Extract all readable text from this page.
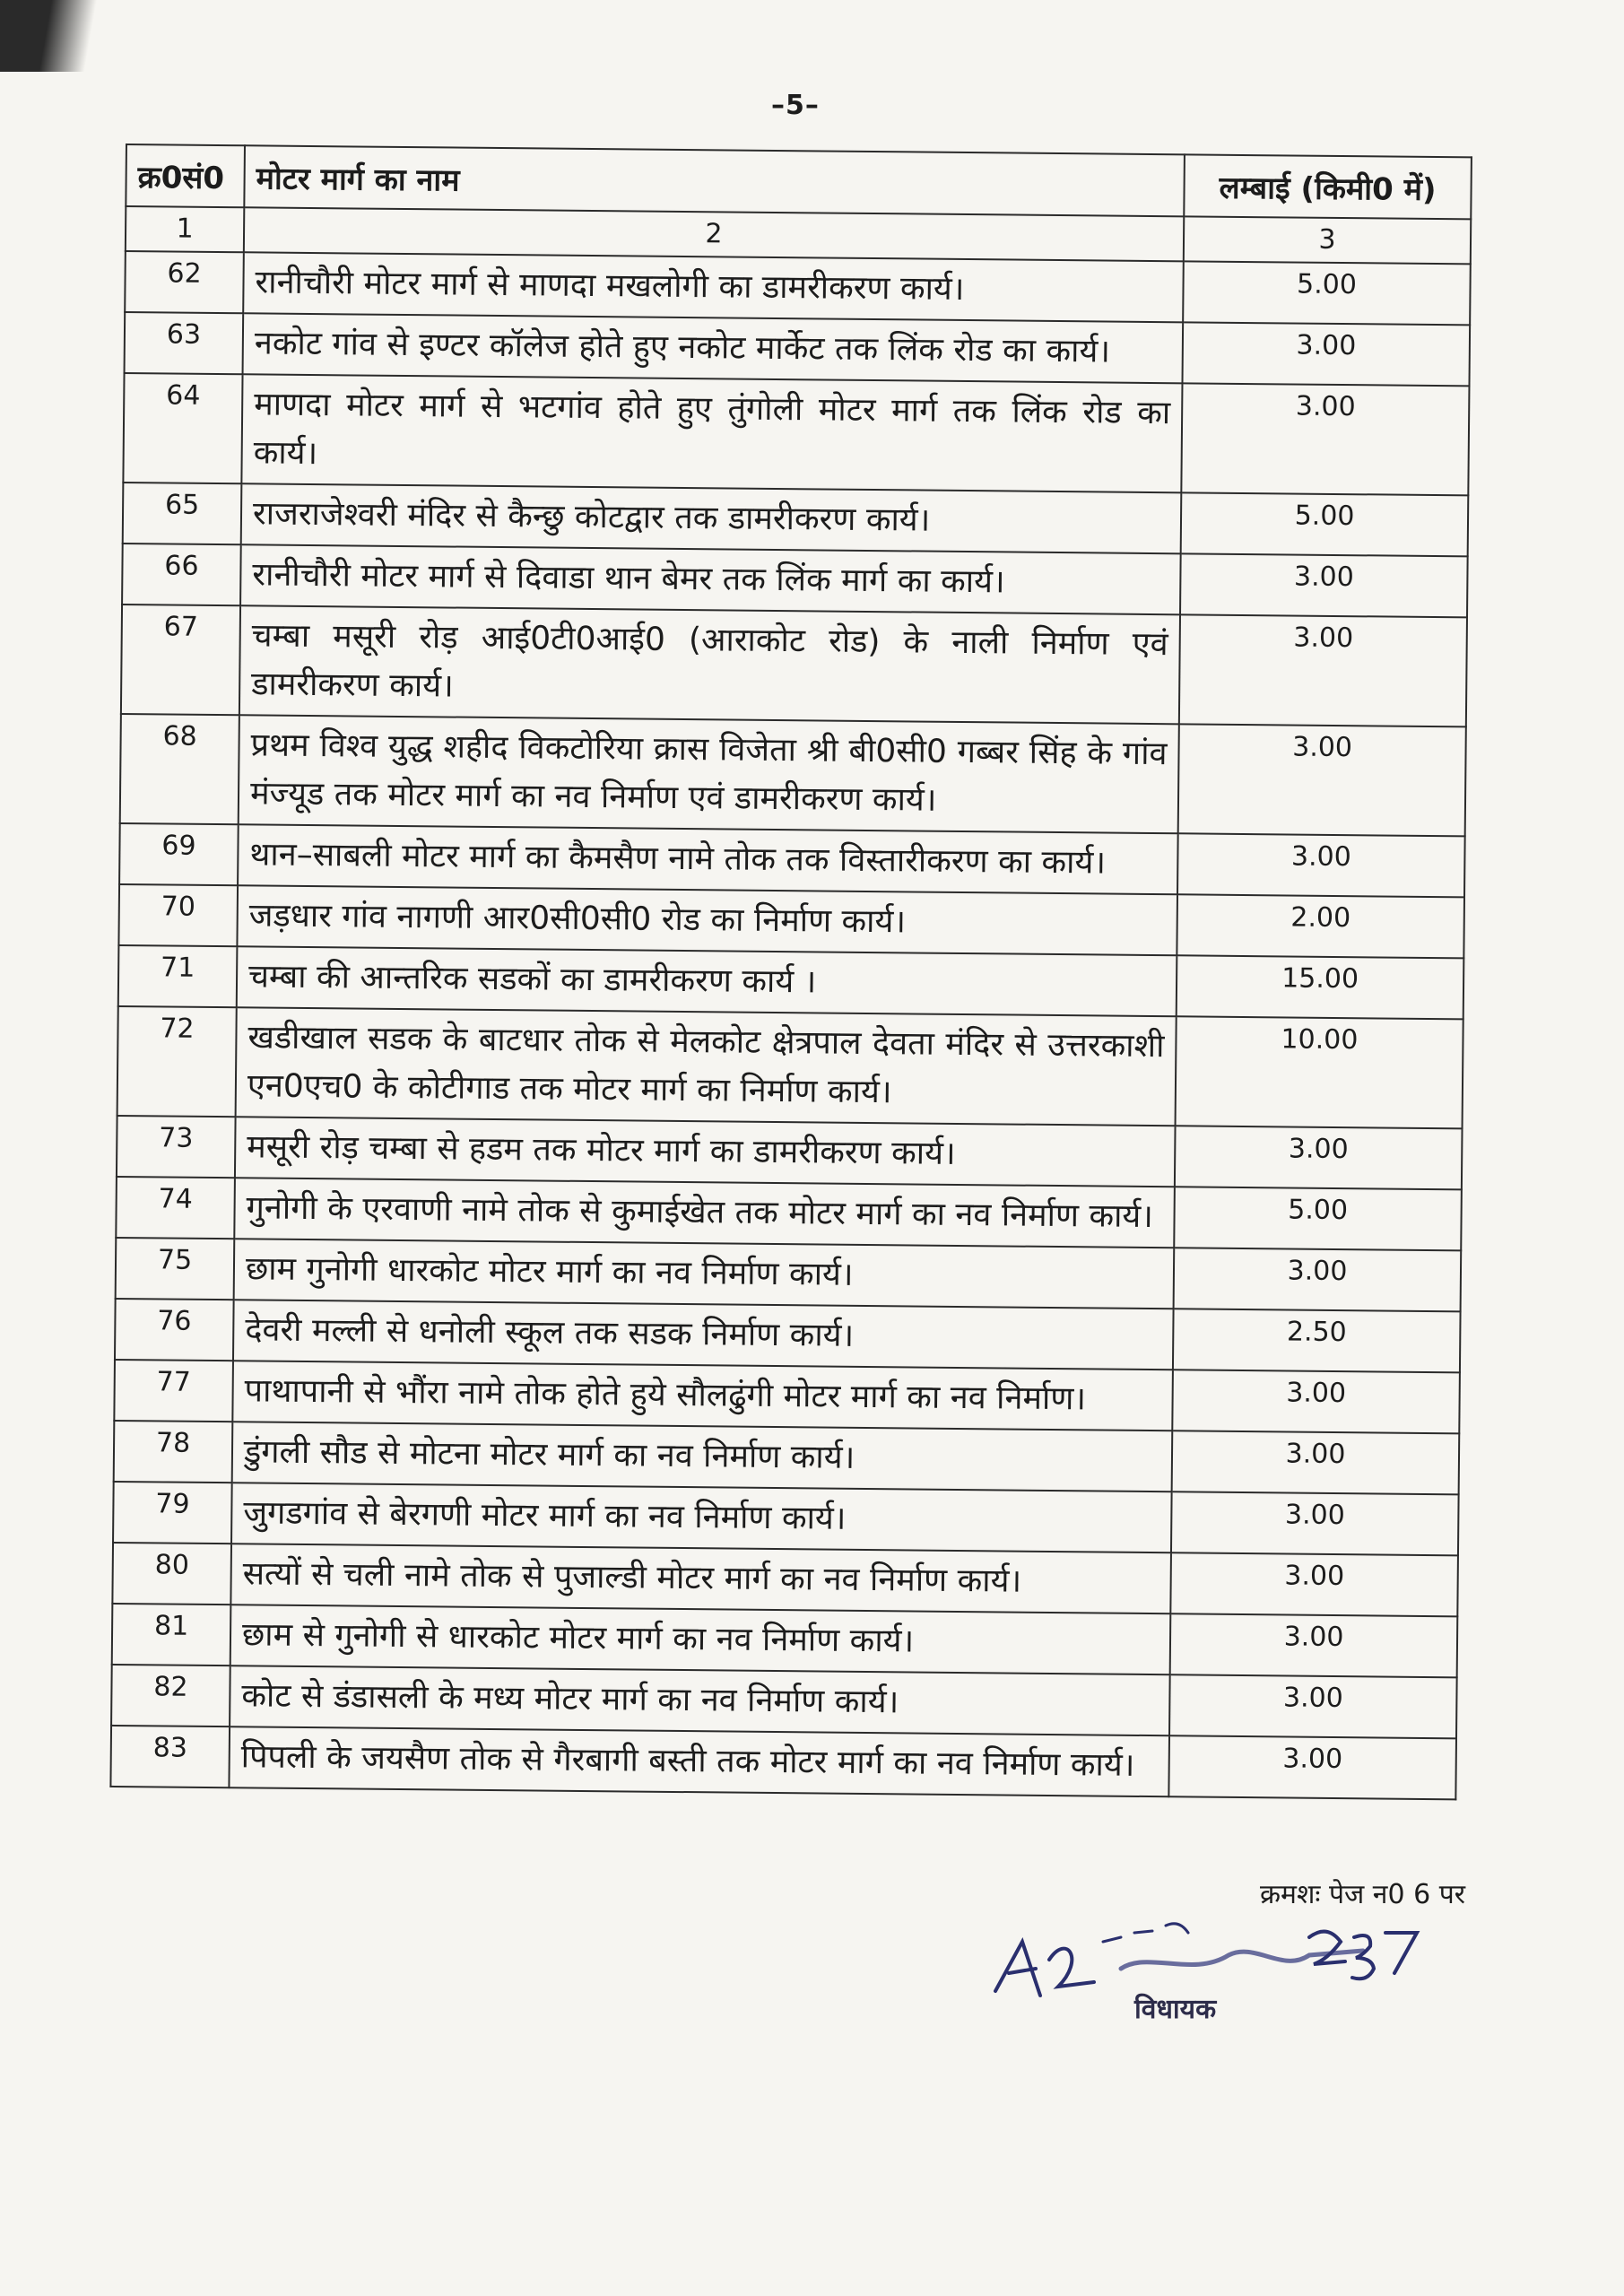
–5–
क्र0सं0	मोटर मार्ग का नाम	लम्बाई (किमी0 में)
1	2	3
62	रानीचौरी मोटर मार्ग से माणदा मखलोगी का डामरीकरण कार्य।	5.00
63	नकोट गांव से इण्टर कॉलेज होते हुए नकोट मार्केट तक लिंक रोड का कार्य।	3.00
64	माणदा मोटर मार्ग से भटगांव होते हुए तुंगोली मोटर मार्ग तक लिंक रोड का कार्य।	3.00
65	राजराजेश्वरी मंदिर से कैन्छु कोटद्वार तक डामरीकरण कार्य।	5.00
66	रानीचौरी मोटर मार्ग से दिवाडा थान बेमर तक लिंक मार्ग का कार्य।	3.00
67	चम्बा मसूरी रोड़ आई0टी0आई0 (आराकोट रोड) के नाली निर्माण एवं डामरीकरण कार्य।	3.00
68	प्रथम विश्व युद्ध शहीद विकटोरिया क्रास विजेता श्री बी0सी0 गब्बर सिंह के गांव मंज्यूड तक मोटर मार्ग का नव निर्माण एवं डामरीकरण कार्य।	3.00
69	थान–साबली मोटर मार्ग का कैमसैण नामे तोक तक विस्तारीकरण का कार्य।	3.00
70	जड़धार गांव नागणी आर0सी0सी0 रोड का निर्माण कार्य।	2.00
71	चम्बा की आन्तरिक सडकों का डामरीकरण कार्य ।	15.00
72	खडीखाल सडक के बाटधार तोक से मेलकोट क्षेत्रपाल देवता मंदिर से उत्तरकाशी एन0एच0 के कोटीगाड तक मोटर मार्ग का निर्माण कार्य।	10.00
73	मसूरी रोड़ चम्बा से हडम तक मोटर मार्ग का डामरीकरण कार्य।	3.00
74	गुनोगी के एरवाणी नामे तोक से कुमाईखेत तक मोटर मार्ग का नव निर्माण कार्य।	5.00
75	छाम गुनोगी धारकोट मोटर मार्ग का नव निर्माण कार्य।	3.00
76	देवरी मल्ली से धनोली स्कूल तक सडक निर्माण कार्य।	2.50
77	पाथापानी से भौंरा नामे तोक होते हुये सौलढुंगी मोटर मार्ग का नव निर्माण।	3.00
78	डुंगली सौड से मोटना मोटर मार्ग का नव निर्माण कार्य।	3.00
79	जुगडगांव से बेरगणी मोटर मार्ग का नव निर्माण कार्य।	3.00
80	सत्यों से चली नामे तोक से पुजाल्डी मोटर मार्ग का नव निर्माण कार्य।	3.00
81	छाम से गुनोगी से धारकोट मोटर मार्ग का नव निर्माण कार्य।	3.00
82	कोट से डंडासली के मध्य मोटर मार्ग का नव निर्माण कार्य।	3.00
83	पिपली के जयसैण तोक से गैरबागी बस्ती तक मोटर मार्ग का नव निर्माण कार्य।	3.00
क्रमशः पेज न0 6 पर
विधायक
